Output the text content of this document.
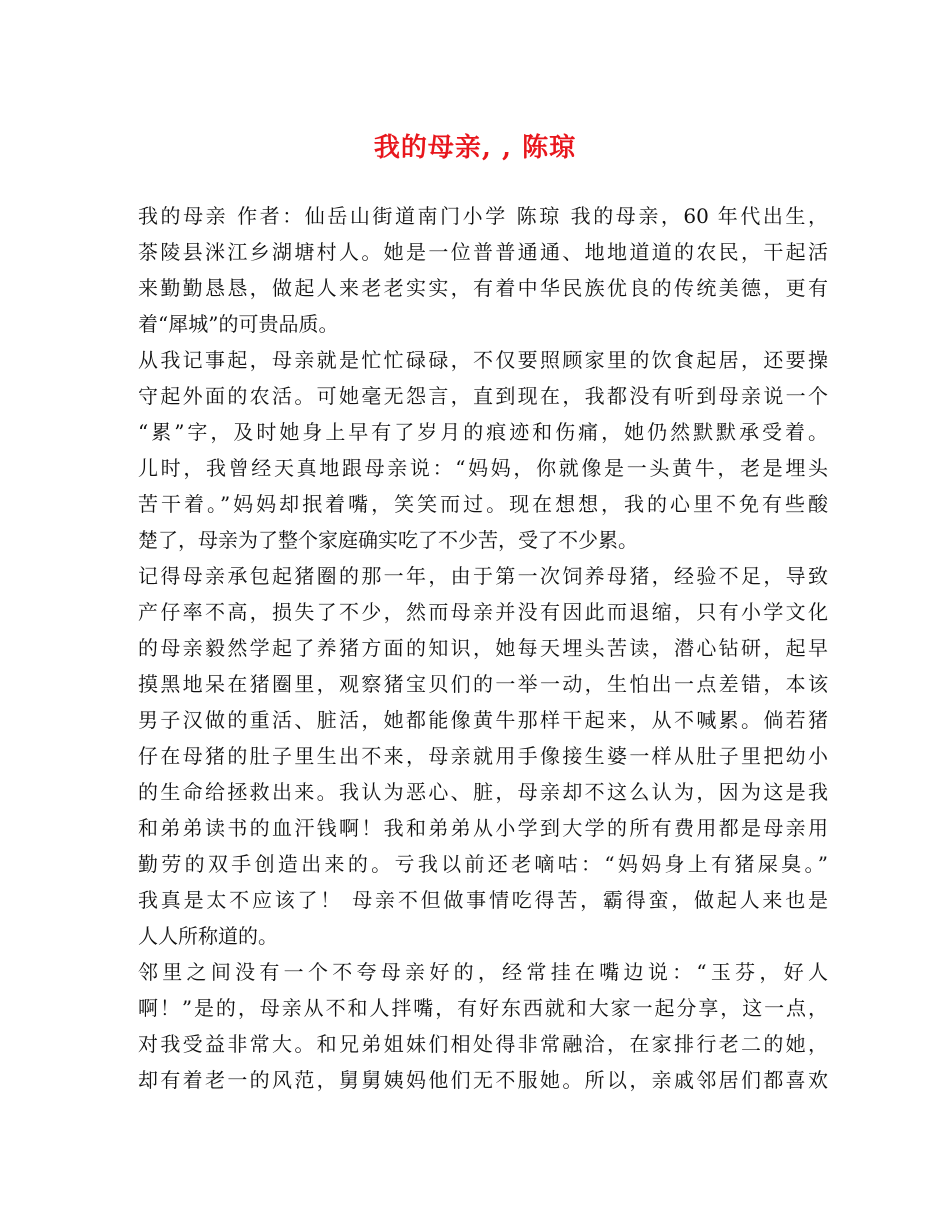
我的母亲, , 陈琼
我的母亲 作者：仙岳山街道南门小学 陈琼 我的母亲，60 年代出生，
茶陵县洣江乡湖塘村人。她是一位普普通通、地地道道的农民，干起活
来勤勤恳恳，做起人来老老实实，有着中华民族优良的传统美德，更有
着“犀城”的可贵品质。
从我记事起，母亲就是忙忙碌碌，不仅要照顾家里的饮食起居，还要操
守起外面的农活。可她毫无怨言，直到现在，我都没有听到母亲说一个
“累”字，及时她身上早有了岁月的痕迹和伤痛，她仍然默默承受着。
儿时，我曾经天真地跟母亲说：“妈妈，你就像是一头黄牛，老是埋头
苦干着。”妈妈却抿着嘴，笑笑而过。现在想想，我的心里不免有些酸
楚了，母亲为了整个家庭确实吃了不少苦，受了不少累。
记得母亲承包起猪圈的那一年，由于第一次饲养母猪，经验不足，导致
产仔率不高，损失了不少，然而母亲并没有因此而退缩，只有小学文化
的母亲毅然学起了养猪方面的知识，她每天埋头苦读，潜心钻研，起早
摸黑地呆在猪圈里，观察猪宝贝们的一举一动，生怕出一点差错，本该
男子汉做的重活、脏活，她都能像黄牛那样干起来，从不喊累。倘若猪
仔在母猪的肚子里生出不来，母亲就用手像接生婆一样从肚子里把幼小
的生命给拯救出来。我认为恶心、脏，母亲却不这么认为，因为这是我
和弟弟读书的血汗钱啊！我和弟弟从小学到大学的所有费用都是母亲用
勤劳的双手创造出来的。亏我以前还老嘀咕：“妈妈身上有猪屎臭。”
我真是太不应该了！ 母亲不但做事情吃得苦，霸得蛮，做起人来也是
人人所称道的。
邻里之间没有一个不夸母亲好的，经常挂在嘴边说：“玉芬，好人
啊！”是的，母亲从不和人拌嘴，有好东西就和大家一起分享，这一点，
对我受益非常大。和兄弟姐妹们相处得非常融洽，在家排行老二的她，
却有着老一的风范，舅舅姨妈他们无不服她。所以，亲戚邻居们都喜欢
